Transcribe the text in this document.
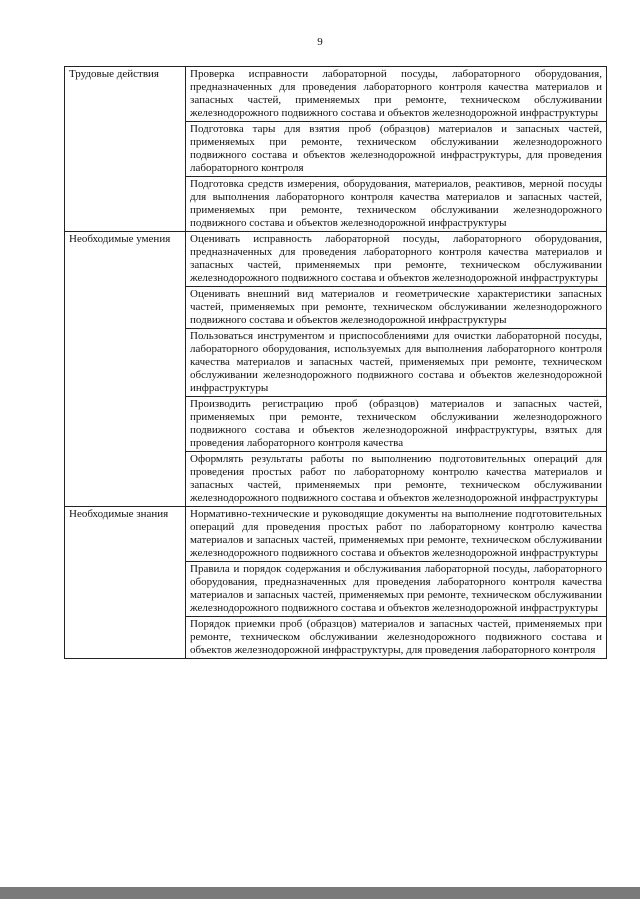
9
Трудовые действия	Проверка исправности лабораторной посуды, лабораторного оборудования, предназначенных для проведения лабораторного контроля качества материалов и запасных частей, применяемых при ремонте, техническом обслуживании железнодорожного подвижного состава и объектов железнодорожной инфраструктуры
	Подготовка тары для взятия проб (образцов) материалов и запасных частей, применяемых при ремонте, техническом обслуживании железнодорожного подвижного состава и объектов железнодорожной инфраструктуры, для проведения лабораторного контроля
	Подготовка средств измерения, оборудования, материалов, реактивов, мерной посуды для выполнения лабораторного контроля качества материалов и запасных частей, применяемых при ремонте, техническом обслуживании железнодорожного подвижного состава и объектов железнодорожной инфраструктуры
Необходимые умения	Оценивать исправность лабораторной посуды, лабораторного оборудования, предназначенных для проведения лабораторного контроля качества материалов и запасных частей, применяемых при ремонте, техническом обслуживании железнодорожного подвижного состава и объектов железнодорожной инфраструктуры
	Оценивать внешний вид материалов и геометрические характеристики запасных частей, применяемых при ремонте, техническом обслуживании железнодорожного подвижного состава и объектов железнодорожной инфраструктуры
	Пользоваться инструментом и приспособлениями для очистки лабораторной посуды, лабораторного оборудования, используемых для выполнения лабораторного контроля качества материалов и запасных частей, применяемых при ремонте, техническом обслуживании железнодорожного подвижного состава и объектов железнодорожной инфраструктуры
	Производить регистрацию проб (образцов) материалов и запасных частей, применяемых при ремонте, техническом обслуживании железнодорожного подвижного состава и объектов железнодорожной инфраструктуры, взятых для проведения лабораторного контроля качества
	Оформлять результаты работы по выполнению подготовительных операций для проведения простых работ по лабораторному контролю качества материалов и запасных частей, применяемых при ремонте, техническом обслуживании железнодорожного подвижного состава и объектов железнодорожной инфраструктуры
Необходимые знания	Нормативно-технические и руководящие документы на выполнение подготовительных операций для проведения простых работ по лабораторному контролю качества материалов и запасных частей, применяемых при ремонте, техническом обслуживании железнодорожного подвижного состава и объектов железнодорожной инфраструктуры
	Правила и порядок содержания и обслуживания лабораторной посуды, лабораторного оборудования, предназначенных для проведения лабораторного контроля качества материалов и запасных частей, применяемых при ремонте, техническом обслуживании железнодорожного подвижного состава и объектов железнодорожной инфраструктуры
	Порядок приемки проб (образцов) материалов и запасных частей, применяемых при ремонте, техническом обслуживании железнодорожного подвижного состава и объектов железнодорожной инфраструктуры, для проведения лабораторного контроля
